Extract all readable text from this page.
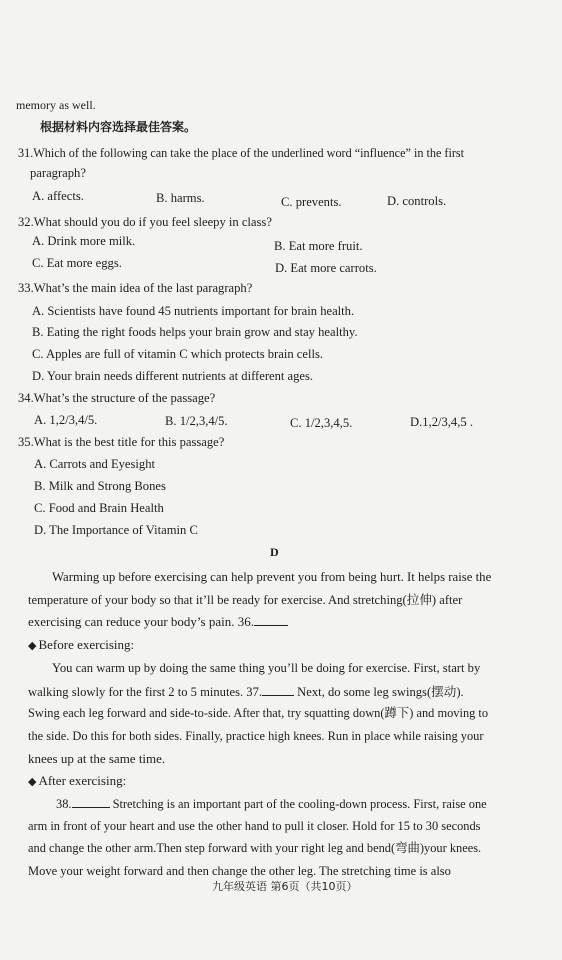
memory as well.
根据材料内容选择最佳答案。
31.Which of the following can take the place of the underlined word “influence” in the first
paragraph?
A. affects.	B. harms.	C. prevents.	D. controls.
32.What should you do if you feel sleepy in class?
A. Drink more milk.	B. Eat more fruit.
C. Eat more eggs.	D. Eat more carrots.
33.What’s the main idea of the last paragraph?
A. Scientists have found 45 nutrients important for brain health.
B. Eating the right foods helps your brain grow and stay healthy.
C. Apples are full of vitamin C which protects brain cells.
D. Your brain needs different nutrients at different ages.
34.What’s the structure of the passage?
A. 1,2/3,4/5.	B. 1/2,3,4/5.	C. 1/2,3,4,5.	D.1,2/3,4,5 .
35.What is the best title for this passage?
A. Carrots and Eyesight
B. Milk and Strong Bones
C. Food and Brain Health
D. The Importance of Vitamin C
D
Warming up before exercising can help prevent you from being hurt. It helps raise the
temperature of your body so that it’ll be ready for exercise. And stretching(拉伸) after
exercising can reduce your body’s pain. 36.
◆ Before exercising:
You can warm up by doing the same thing you’ll be doing for exercise. First, start by
walking slowly for the first 2 to 5 minutes. 37.	Next, do some leg swings(摆动).
Swing each leg forward and side-to-side. After that, try squatting down(蹲下) and moving to
the side. Do this for both sides. Finally, practice high knees. Run in place while raising your
knees up at the same time.
◆ After exercising:
38.	Stretching is an important part of the cooling-down process. First, raise one
arm in front of your heart and use the other hand to pull it closer. Hold for 15 to 30 seconds
and change the other arm.Then step forward with your right leg and bend(弯曲)your knees.
Move your weight forward and then change the other leg. The stretching time is also
九年级英语 第6页（共10页）
